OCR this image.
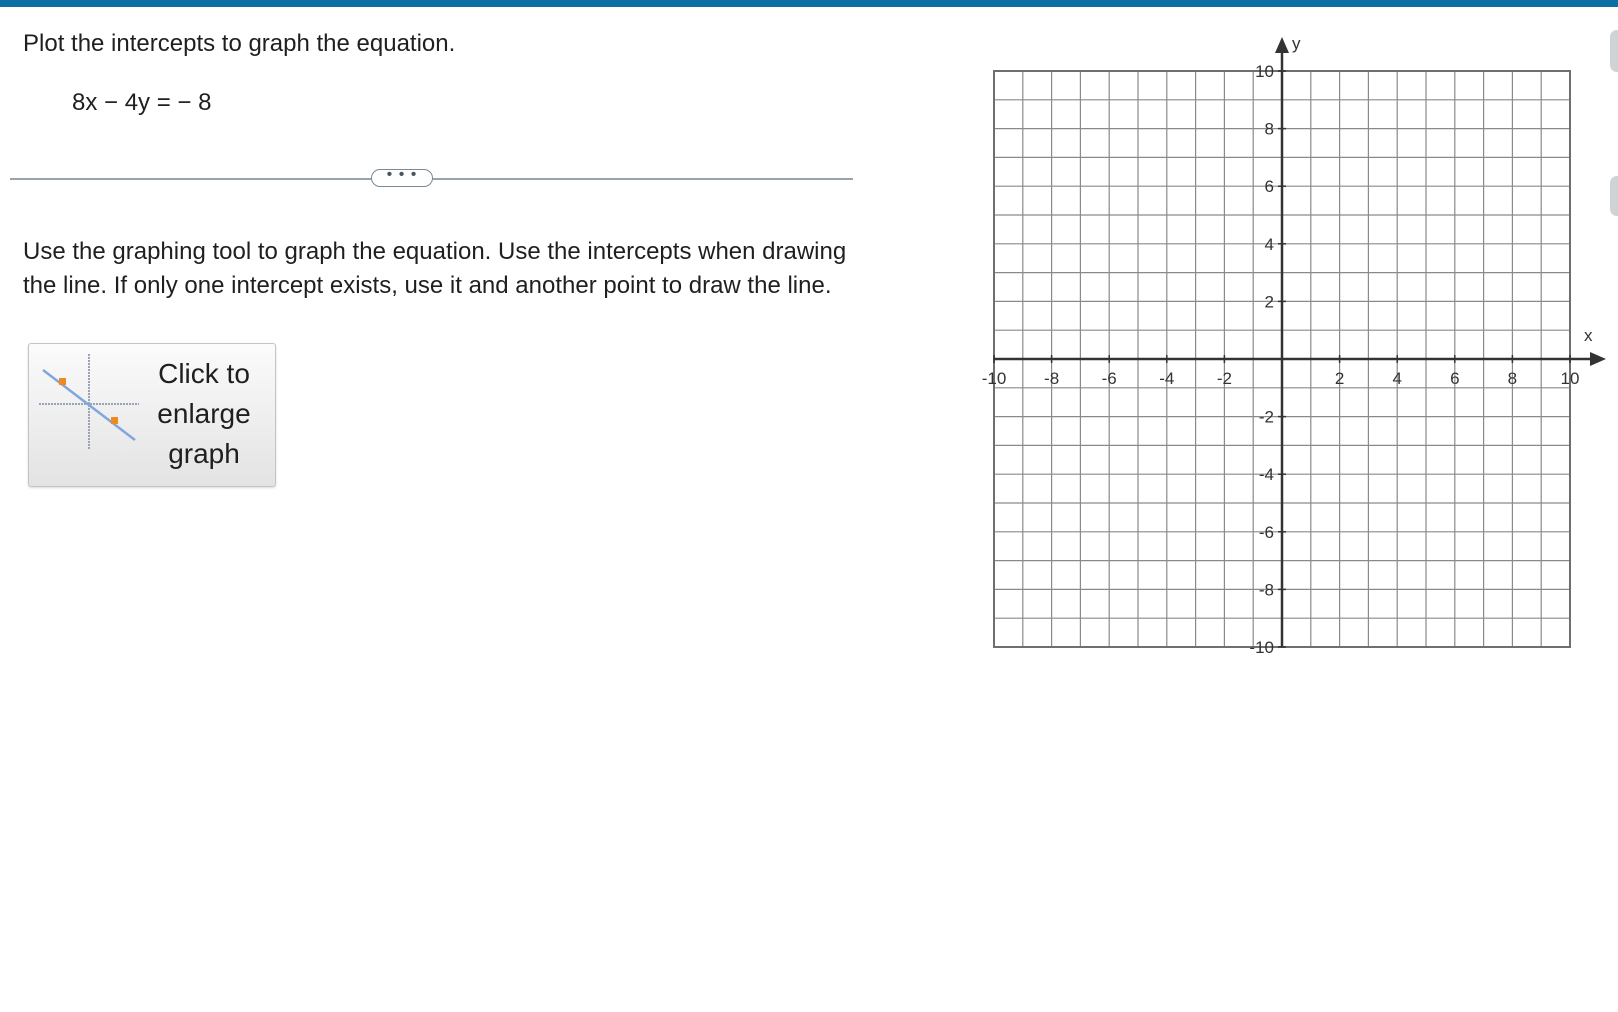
Plot the intercepts to graph the equation.
8x − 4y = − 8
• • •

Use the graphing tool to graph the equation. Use the intercepts when drawing the line. If only one intercept exists, use it and another point to draw the line.

Click to
enlarge
graph
x
y
-10 -8 -6 -4 -2	2	4	6	8	10
10
8
6
4
2
-2
-4
-6
-8
-10
